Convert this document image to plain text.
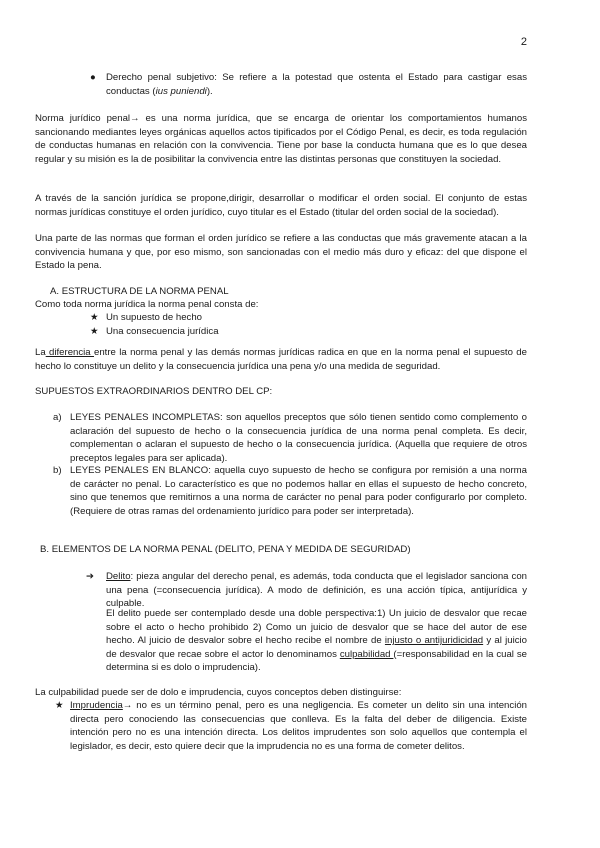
2
● Derecho penal subjetivo: Se refiere a la potestad que ostenta el Estado para castigar esas conductas (ius puniendi).

Norma jurídico penal→ es una norma jurídica, que se encarga de orientar los comportamientos humanos sancionando mediantes leyes orgánicas aquellos actos tipificados por el Código Penal, es decir, es toda regulación de conductas humanas en relación con la convivencia. Tiene por base la conducta humana que es lo que desea regular y su misión es la de posibilitar la convivencia entre las distintas personas que constituyen la sociedad.

A través de la sanción jurídica se propone,dirigir, desarrollar o modificar el orden social. El conjunto de estas normas jurídicas constituye el orden jurídico, cuyo titular es el Estado (titular del orden social de la sociedad).

Una parte de las normas que forman el orden jurídico se refiere a las conductas que más gravemente atacan a la convivencia humana y que, por eso mismo, son sancionadas con el medio más duro y eficaz: del que dispone el Estado la pena.

A. ESTRUCTURA DE LA NORMA PENAL
Como toda norma jurídica la norma penal consta de:
★ Un supuesto de hecho
★ Una consecuencia jurídica

La diferencia entre la norma penal y las demás normas jurídicas radica en que en la norma penal el supuesto de hecho lo constituye un delito y la consecuencia jurídica una pena y/o una medida de seguridad.

SUPUESTOS EXTRAORDINARIOS DENTRO DEL CP:
a) LEYES PENALES INCOMPLETAS: son aquellos preceptos que sólo tienen sentido como complemento o aclaración del supuesto de hecho o la consecuencia jurídica de una norma penal completa. Es decir, complementan o aclaran el supuesto de hecho o la consecuencia jurídica. (Aquella que requiere de otros preceptos legales para ser aplicada).

b) LEYES PENALES EN BLANCO: aquella cuyo supuesto de hecho se configura por remisión a una norma de carácter no penal. Lo característico es que no podemos hallar en ellas el supuesto de hecho concreto, sino que tenemos que remitirnos a una norma de carácter no penal para poder configurarlo por completo. (Requiere de otras ramas del ordenamiento jurídico para poder ser interpretada).

B. ELEMENTOS DE LA NORMA PENAL (DELITO, PENA Y MEDIDA DE SEGURIDAD)
➔ Delito: pieza angular del derecho penal, es además, toda conducta que el legislador sanciona con una pena (=consecuencia jurídica). A modo de definición, es una acción típica, antijurídica y culpable.

El delito puede ser contemplado desde una doble perspectiva:1) Un juicio de desvalor que recae sobre el acto o hecho prohibido 2) Como un juicio de desvalor que se hace del autor de ese hecho. Al juicio de desvalor sobre el hecho recibe el nombre de injusto o antijuridicidad y al juicio de desvalor que recae sobre el actor lo denominamos culpabilidad (=responsabilidad en la cual se determina si es dolo o imprudencia).

La culpabilidad puede ser de dolo e imprudencia, cuyos conceptos deben distinguirse:
★ Imprudencia→ no es un término penal, pero es una negligencia. Es cometer un delito sin una intención directa pero conociendo las consecuencias que conlleva. Es la falta del deber de diligencia. Existe intención pero no es una intención directa. Los delitos imprudentes son solo aquellos que contempla el legislador, es decir, esto quiere decir que la imprudencia no es una forma de cometer delitos.
